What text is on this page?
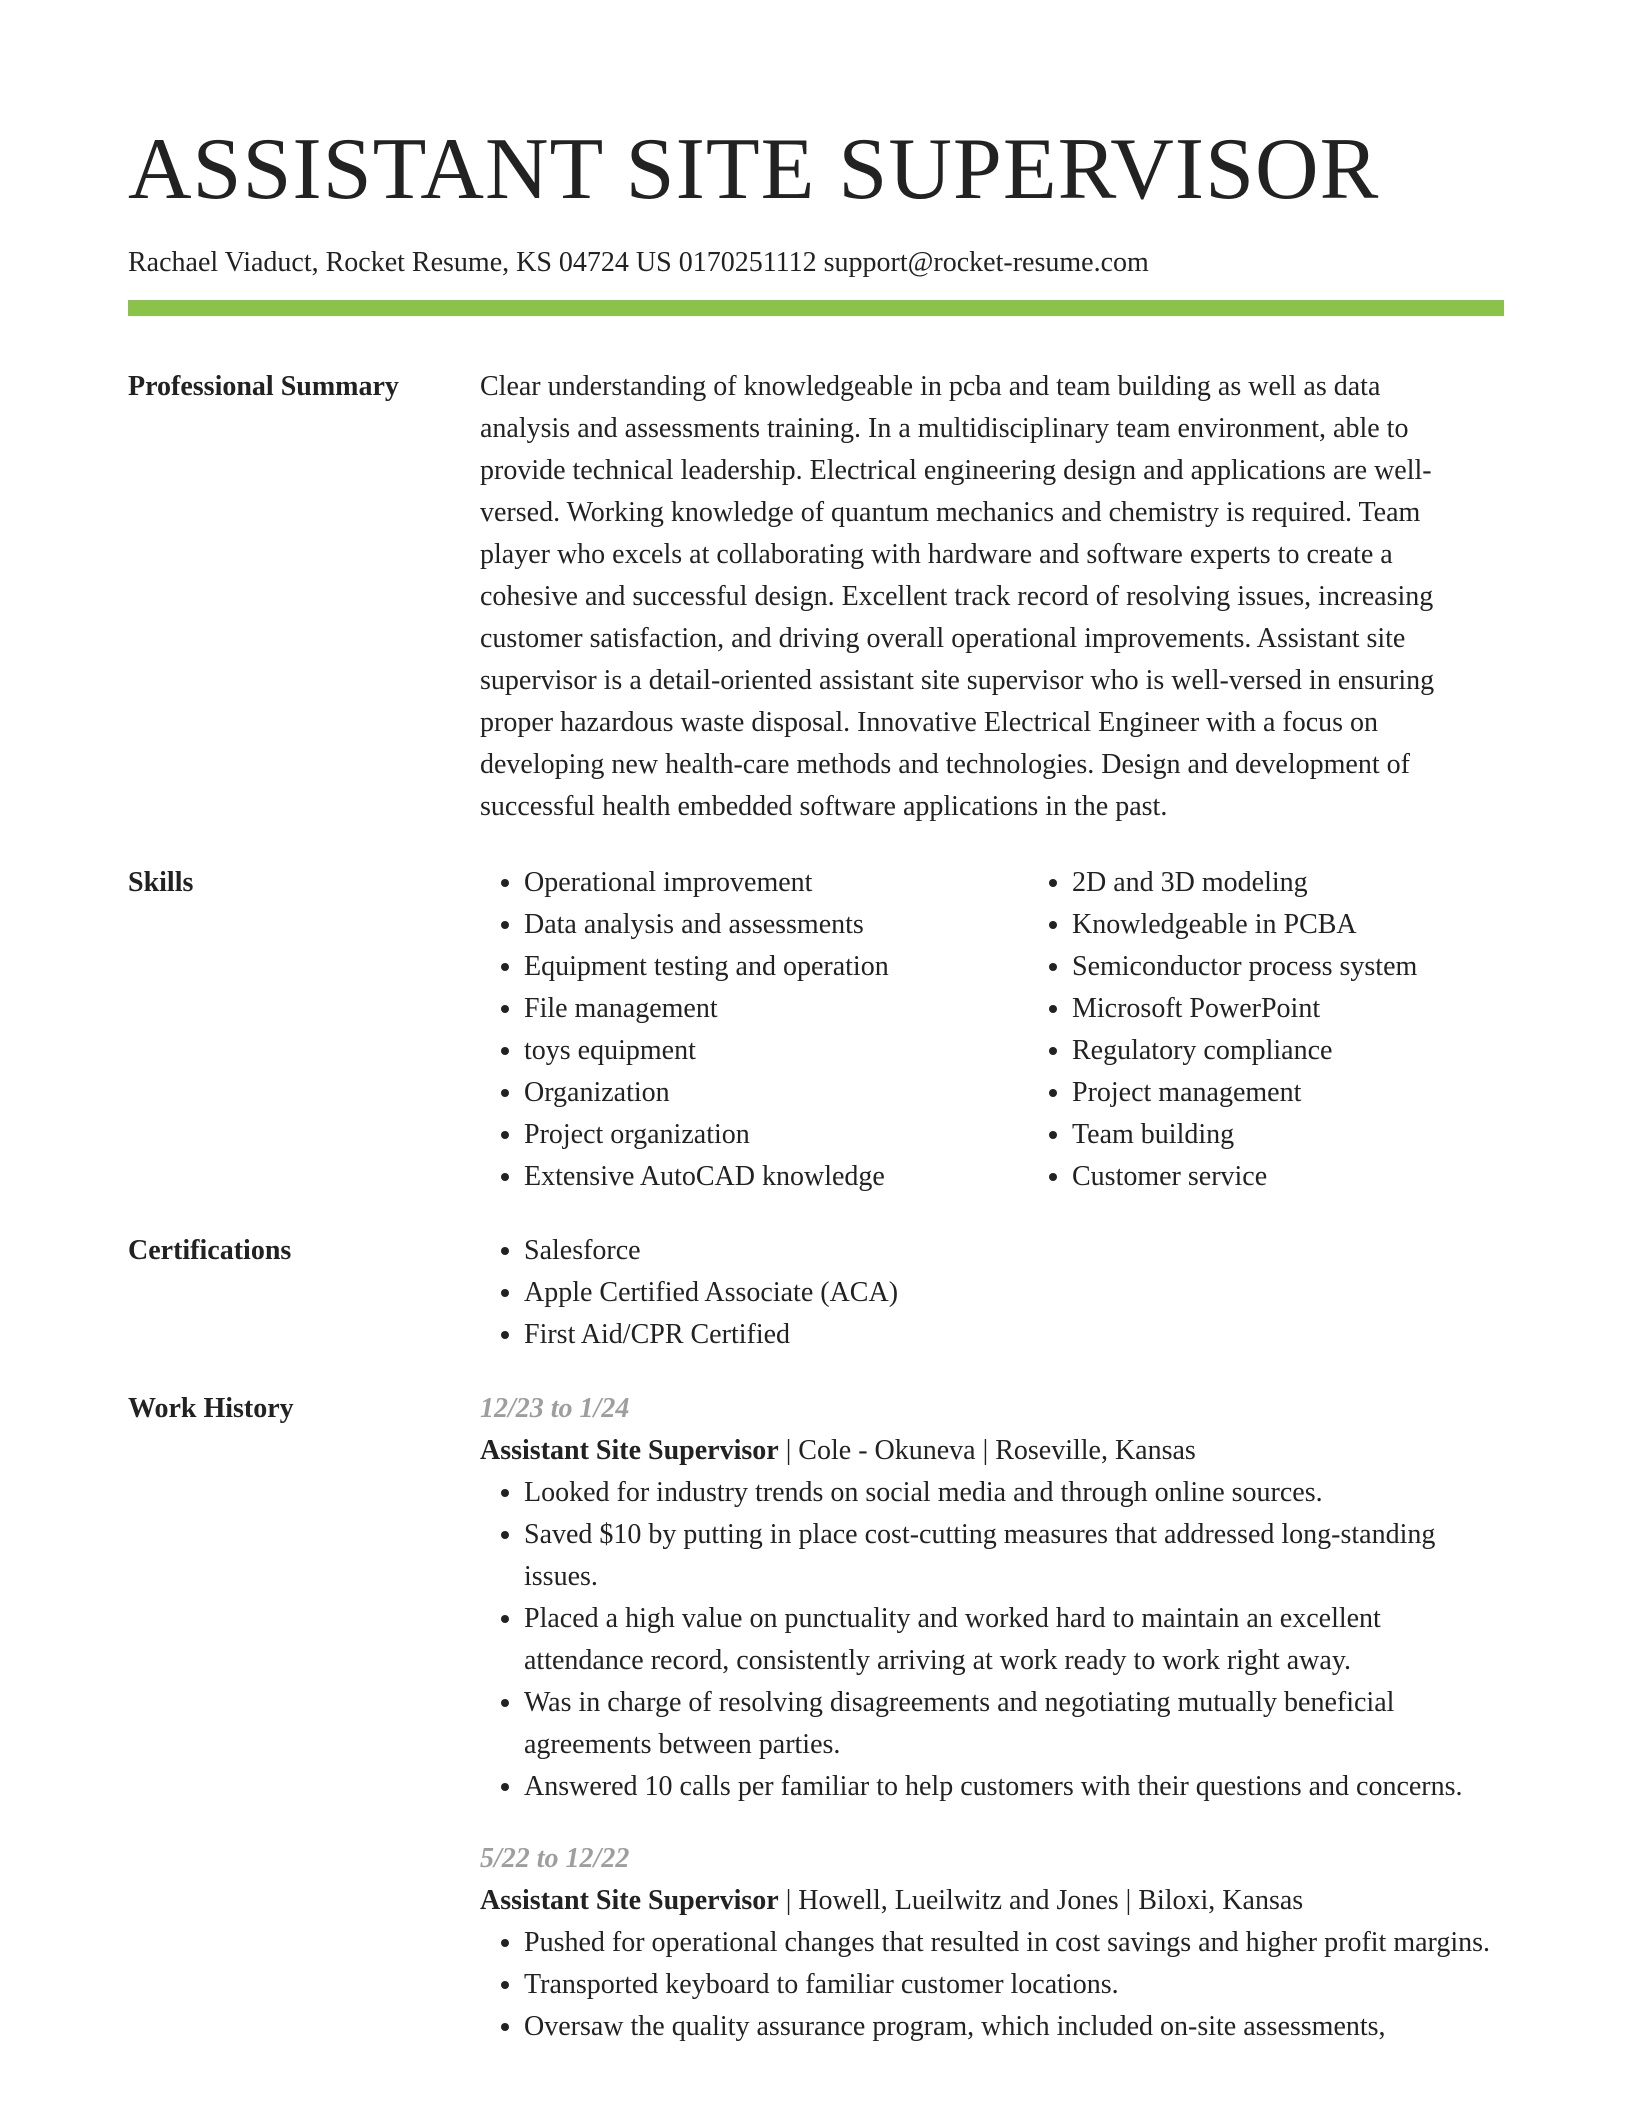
ASSISTANT SITE SUPERVISOR
Rachael Viaduct, Rocket Resume, KS 04724 US 0170251112 support@rocket-resume.com
Professional Summary	Clear understanding of knowledgeable in pcba and team building as well as data analysis and assessments training. In a multidisciplinary team environment, able to provide technical leadership. Electrical engineering design and applications are well-versed. Working knowledge of quantum mechanics and chemistry is required. Team player who excels at collaborating with hardware and software experts to create a cohesive and successful design. Excellent track record of resolving issues, increasing customer satisfaction, and driving overall operational improvements. Assistant site supervisor is a detail-oriented assistant site supervisor who is well-versed in ensuring proper hazardous waste disposal. Innovative Electrical Engineer with a focus on developing new health-care methods and technologies. Design and development of successful health embedded software applications in the past.

Skills	• Operational improvement
• Data analysis and assessments
• Equipment testing and operation
• File management
• toys equipment
• Organization
• Project organization
• Extensive AutoCAD knowledge
• 2D and 3D modeling
• Knowledgeable in PCBA
• Semiconductor process system
• Microsoft PowerPoint
• Regulatory compliance
• Project management
• Team building
• Customer service
Certifications	• Salesforce
• Apple Certified Associate (ACA)
• First Aid/CPR Certified
Work History	12/23 to 1/24
Assistant Site Supervisor | Cole - Okuneva | Roseville, Kansas
• Looked for industry trends on social media and through online sources.
• Saved $10 by putting in place cost-cutting measures that addressed long-standing issues.
• Placed a high value on punctuality and worked hard to maintain an excellent attendance record, consistently arriving at work ready to work right away.
• Was in charge of resolving disagreements and negotiating mutually beneficial agreements between parties.
• Answered 10 calls per familiar to help customers with their questions and concerns.
5/22 to 12/22
Assistant Site Supervisor | Howell, Lueilwitz and Jones | Biloxi, Kansas
• Pushed for operational changes that resulted in cost savings and higher profit margins.
• Transported keyboard to familiar customer locations.
• Oversaw the quality assurance program, which included on-site assessments,
